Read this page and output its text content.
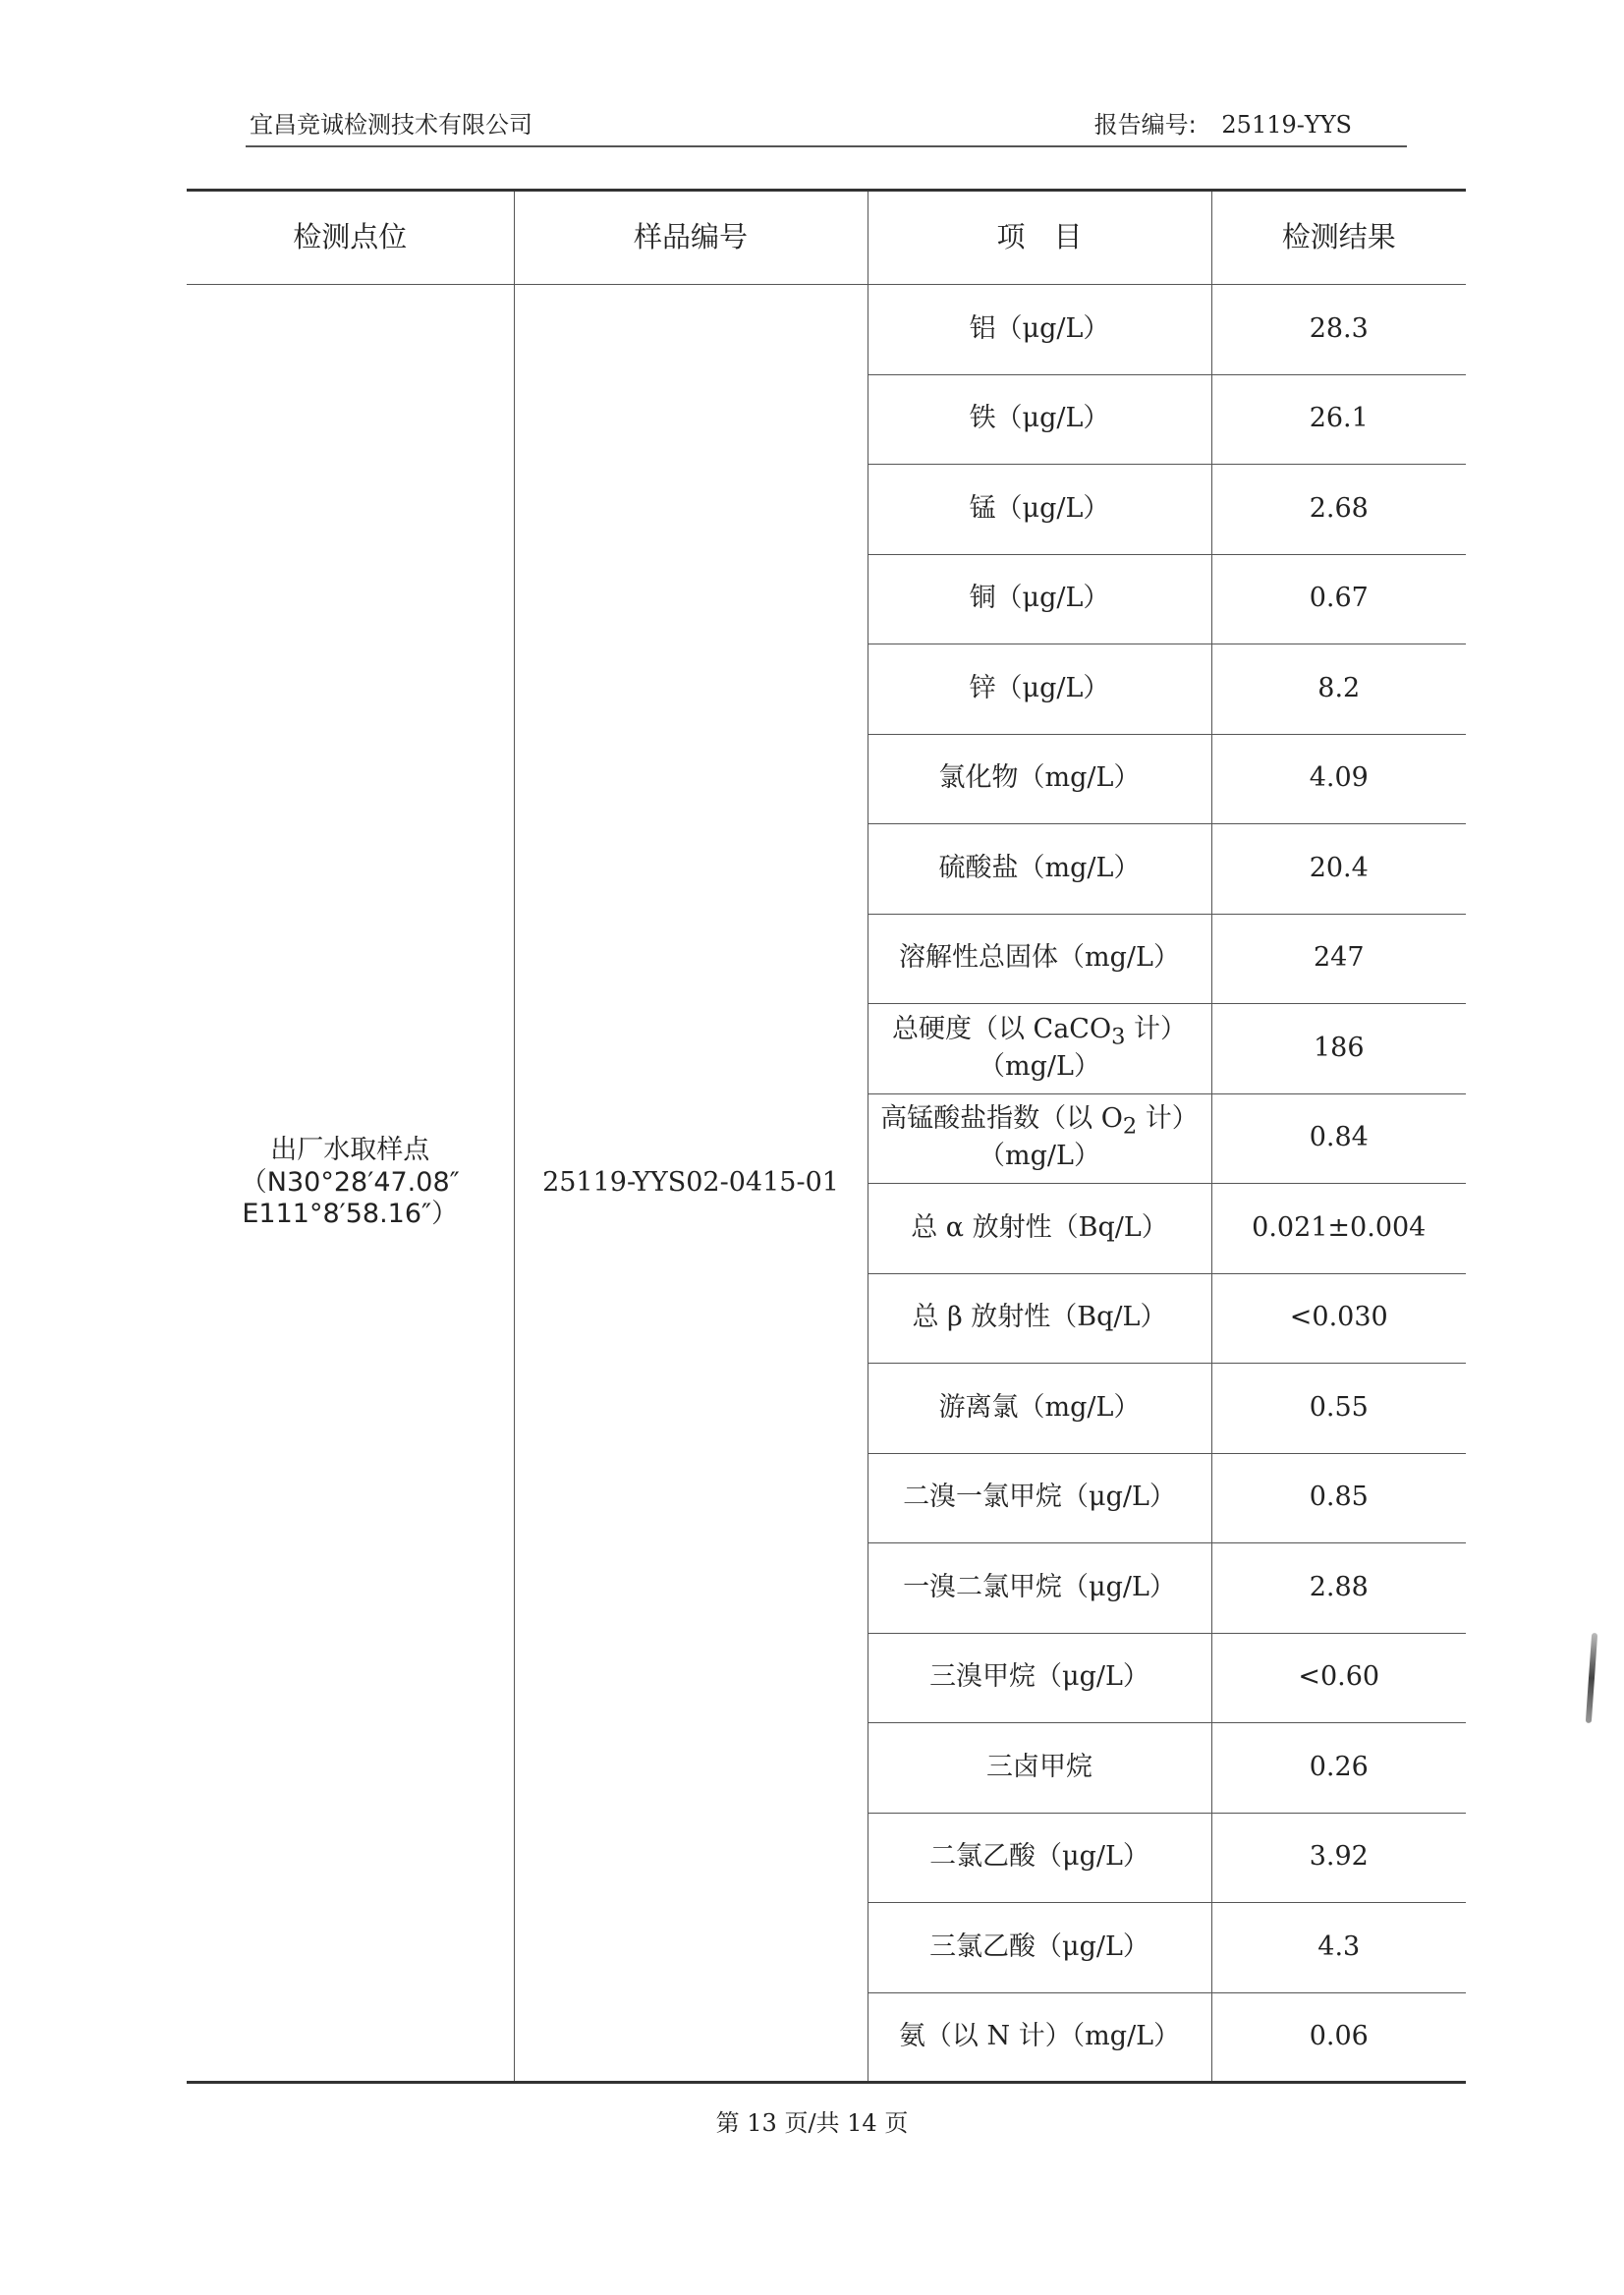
宜昌竞诚检测技术有限公司	报告编号: 25119-YYS
检测点位	样品编号	项　目	检测结果

出厂水取样点
（N30°28′47.08″
E111°8′58.16″）	25119-YYS02-0415-01	铝（μg/L）	28.3
		铁（μg/L）	26.1
		锰（μg/L）	2.68
		铜（μg/L）	0.67
		锌（μg/L）	8.2
		氯化物（mg/L）	4.09
		硫酸盐（mg/L）	20.4
		溶解性总固体（mg/L）	247

		总硬度（以 CaCO$_3$ 计）
（mg/L）	186

		高锰酸盐指数（以 $O_2$ 计）
（mg/L）	0.84
		总 α 放射性（Bq/L）	0.021±0.004
		总 β 放射性（Bq/L）	<0.030
		游离氯（mg/L）	0.55
		二溴一氯甲烷（μg/L）	0.85
		一溴二氯甲烷（μg/L）	2.88
		三溴甲烷（μg/L）	<0.60
		三卤甲烷	0.26
		二氯乙酸（μg/L）	3.92
		三氯乙酸（μg/L）	4.3
		氨（以 N 计）（mg/L）	0.06
第 13 页/共 14 页
